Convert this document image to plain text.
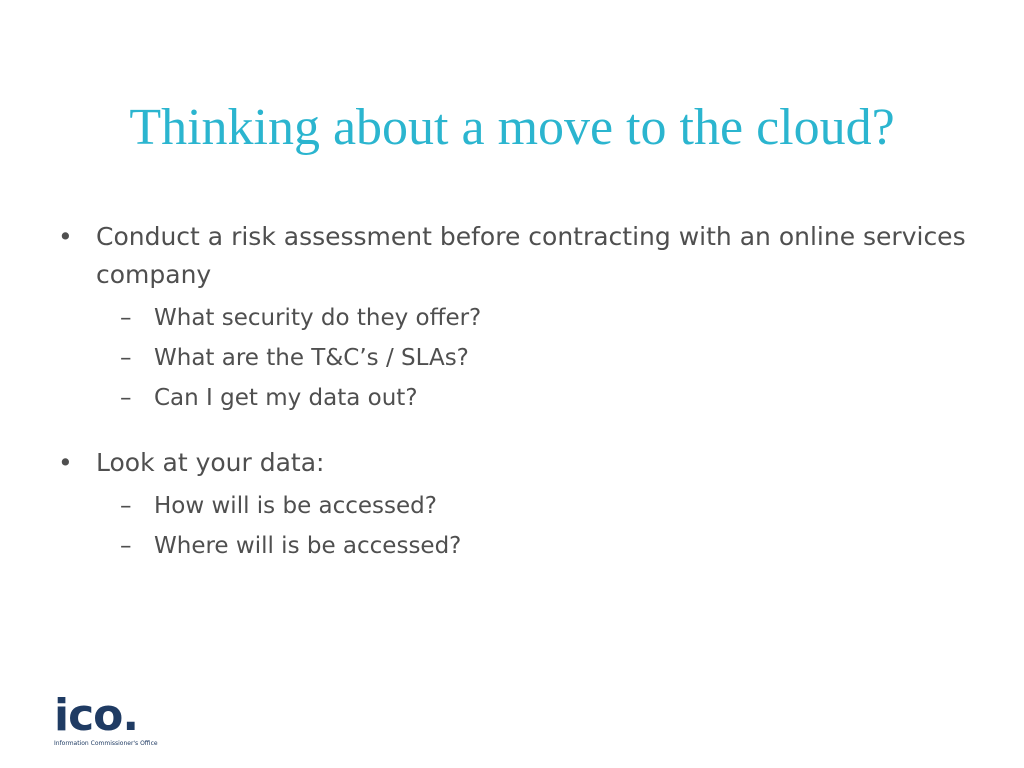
Thinking about a move to the cloud?
• Conduct a risk assessment before contracting with an online services company
– What security do they offer?
– What are the T&C’s / SLAs?
– Can I get my data out?
• Look at your data:
– How will is be accessed?
– Where will is be accessed?
ico.
Information Commissioner's Office
